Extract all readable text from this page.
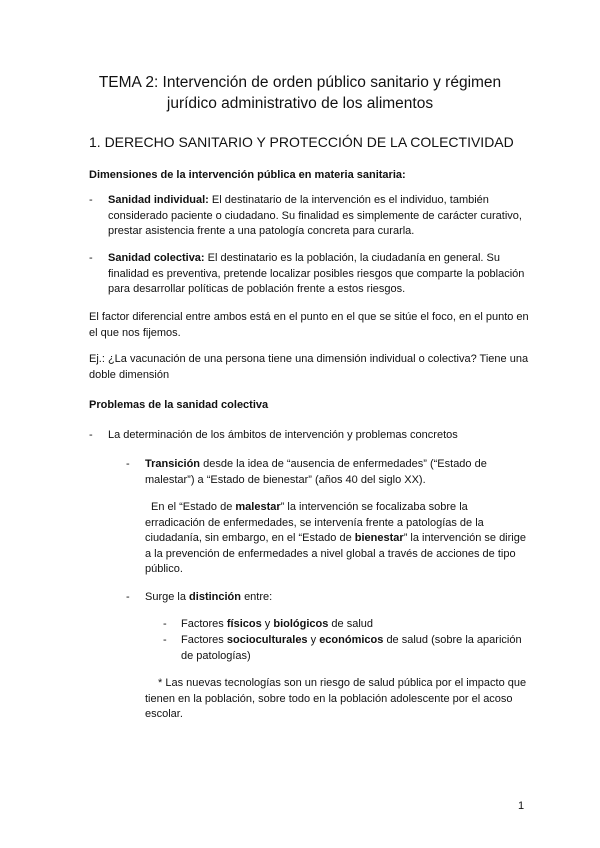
TEMA 2: Intervención de orden público sanitario y régimen
jurídico administrativo de los alimentos
1. DERECHO SANITARIO Y PROTECCIÓN DE LA COLECTIVIDAD
Dimensiones de la intervención pública en materia sanitaria:
- Sanidad individual: El destinatario de la intervención es el individuo, también considerado paciente o ciudadano. Su finalidad es simplemente de carácter curativo, prestar asistencia frente a una patología concreta para curarla.
- Sanidad colectiva: El destinatario es la población, la ciudadanía en general. Su finalidad es preventiva, pretende localizar posibles riesgos que comparte la población para desarrollar políticas de población frente a estos riesgos.
El factor diferencial entre ambos está en el punto en el que se sitúe el foco, en el punto en el que nos fijemos.
Ej.: ¿La vacunación de una persona tiene una dimensión individual o colectiva? Tiene una doble dimensión
Problemas de la sanidad colectiva
- La determinación de los ámbitos de intervención y problemas concretos
- Transición desde la idea de “ausencia de enfermedades” (“Estado de malestar”) a “Estado de bienestar” (años 40 del siglo XX).
En el “Estado de malestar” la intervención se focalizaba sobre la erradicación de enfermedades, se intervenía frente a patologías de la ciudadanía, sin embargo, en el “Estado de bienestar” la intervención se dirige a la prevención de enfermedades a nivel global a través de acciones de tipo público.
- Surge la distinción entre:
- Factores físicos y biológicos de salud
- Factores socioculturales y económicos de salud (sobre la aparición de patologías)
* Las nuevas tecnologías son un riesgo de salud pública por el impacto que tienen en la población, sobre todo en la población adolescente por el acoso escolar.
1
